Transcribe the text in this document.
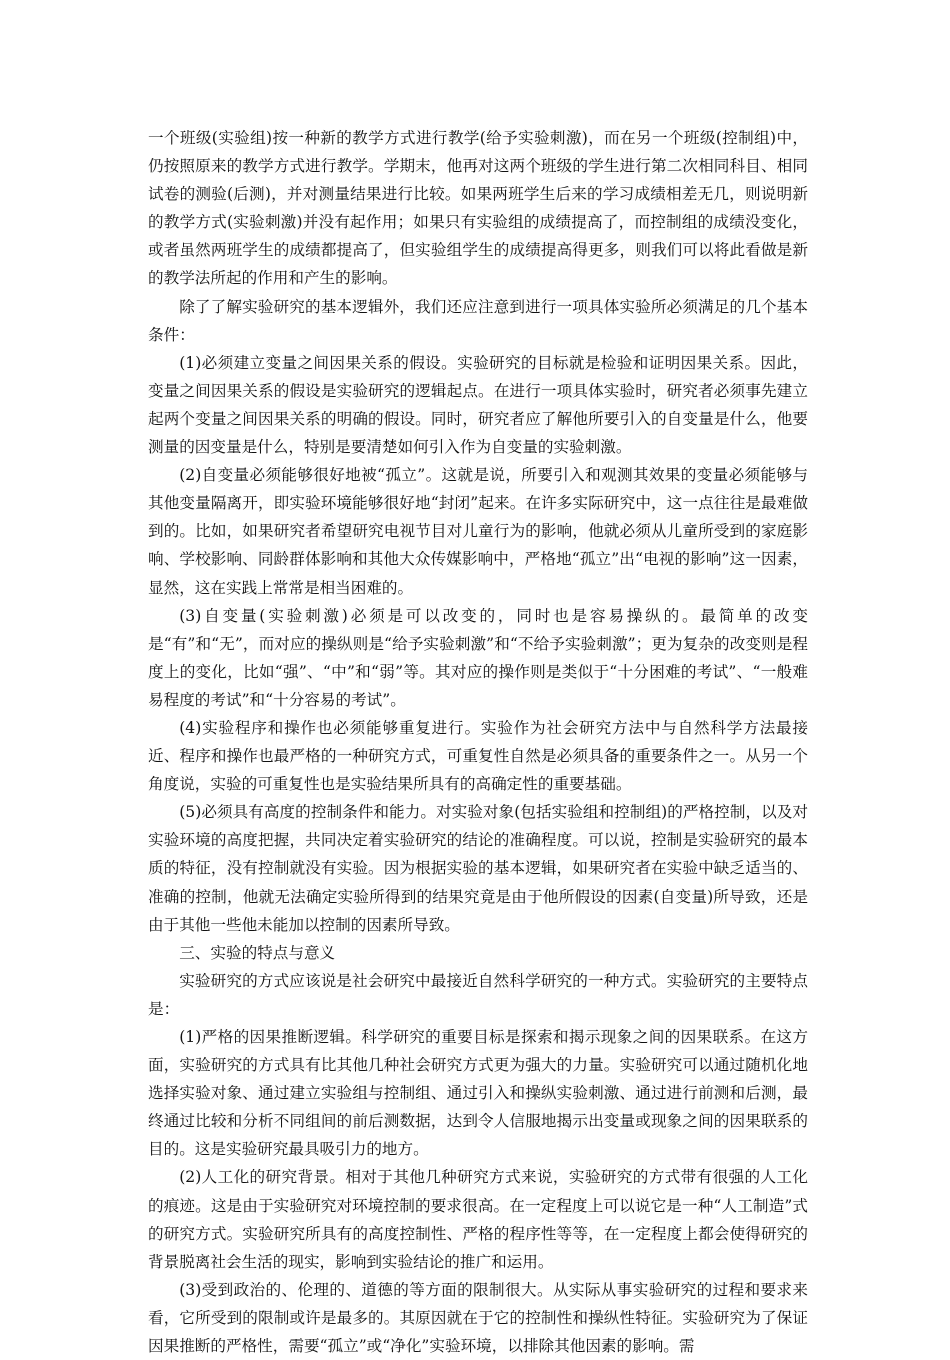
一个班级(实验组)按一种新的教学方式进行教学(给予实验刺激)，而在另一个班级(控制组)中，仍按照原来的教学方式进行教学。学期末，他再对这两个班级的学生进行第二次相同科目、相同试卷的测验(后测)，并对测量结果进行比较。如果两班学生后来的学习成绩相差无几，则说明新的教学方式(实验刺激)并没有起作用；如果只有实验组的成绩提高了，而控制组的成绩没变化，或者虽然两班学生的成绩都提高了，但实验组学生的成绩提高得更多，则我们可以将此看做是新的教学法所起的作用和产生的影响。

除了了解实验研究的基本逻辑外，我们还应注意到进行一项具体实验所必须满足的几个基本条件：

(1)必须建立变量之间因果关系的假设。实验研究的目标就是检验和证明因果关系。因此，变量之间因果关系的假设是实验研究的逻辑起点。在进行一项具体实验时，研究者必须事先建立起两个变量之间因果关系的明确的假设。同时，研究者应了解他所要引入的自变量是什么，他要测量的因变量是什么，特别是要清楚如何引入作为自变量的实验刺激。

(2)自变量必须能够很好地被“孤立”。这就是说，所要引入和观测其效果的变量必须能够与其他变量隔离开，即实验环境能够很好地“封闭”起来。在许多实际研究中，这一点往往是最难做到的。比如，如果研究者希望研究电视节目对儿童行为的影响，他就必须从儿童所受到的家庭影响、学校影响、同龄群体影响和其他大众传媒影响中，严格地“孤立”出“电视的影响”这一因素，显然，这在实践上常常是相当困难的。

(3)自变量(实验刺激)必须是可以改变的，同时也是容易操纵的。最简单的改变是“有”和“无”，而对应的操纵则是“给予实验刺激”和“不给予实验刺激”；更为复杂的改变则是程度上的变化，比如“强”、“中”和“弱”等。其对应的操作则是类似于“十分困难的考试”、“一般难易程度的考试”和“十分容易的考试”。

(4)实验程序和操作也必须能够重复进行。实验作为社会研究方法中与自然科学方法最接近、程序和操作也最严格的一种研究方式，可重复性自然是必须具备的重要条件之一。从另一个角度说，实验的可重复性也是实验结果所具有的高确定性的重要基础。

(5)必须具有高度的控制条件和能力。对实验对象(包括实验组和控制组)的严格控制，以及对实验环境的高度把握，共同决定着实验研究的结论的准确程度。可以说，控制是实验研究的最本质的特征，没有控制就没有实验。因为根据实验的基本逻辑，如果研究者在实验中缺乏适当的、准确的控制，他就无法确定实验所得到的结果究竟是由于他所假设的因素(自变量)所导致，还是由于其他一些他未能加以控制的因素所导致。

三、实验的特点与意义

实验研究的方式应该说是社会研究中最接近自然科学研究的一种方式。实验研究的主要特点是：

(1)严格的因果推断逻辑。科学研究的重要目标是探索和揭示现象之间的因果联系。在这方面，实验研究的方式具有比其他几种社会研究方式更为强大的力量。实验研究可以通过随机化地选择实验对象、通过建立实验组与控制组、通过引入和操纵实验刺激、通过进行前测和后测，最终通过比较和分析不同组间的前后测数据，达到令人信服地揭示出变量或现象之间的因果联系的目的。这是实验研究最具吸引力的地方。

(2)人工化的研究背景。相对于其他几种研究方式来说，实验研究的方式带有很强的人工化的痕迹。这是由于实验研究对环境控制的要求很高。在一定程度上可以说它是一种“人工制造”式的研究方式。实验研究所具有的高度控制性、严格的程序性等等，在一定程度上都会使得研究的背景脱离社会生活的现实，影响到实验结论的推广和运用。

(3)受到政治的、伦理的、道德的等方面的限制很大。从实际从事实验研究的过程和要求来看，它所受到的限制或许是最多的。其原因就在于它的控制性和操纵性特征。实验研究为了保证因果推断的严格性，需要“孤立”或“净化”实验环境，以排除其他因素的影响。需
